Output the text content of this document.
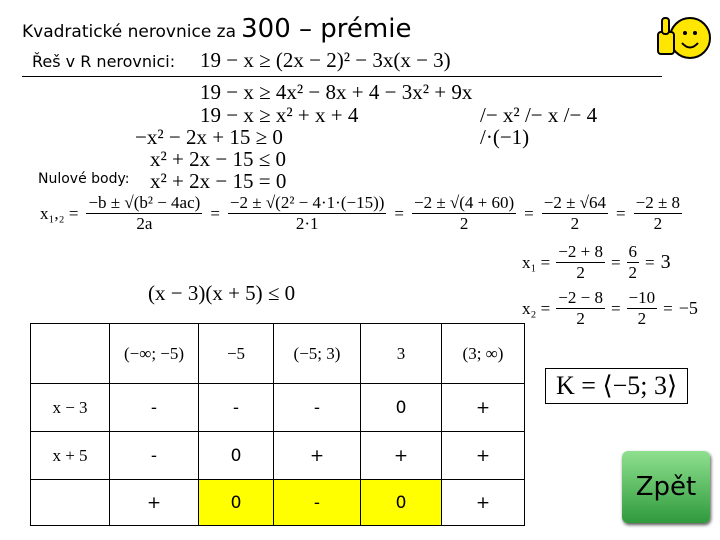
Kvadratické nerovnice za 300 – prémie
Řeš v R nerovnici: 19 − x ≥ (2x − 2)² − 3x(x − 3)
19 − x ≥ 4x² − 8x + 4 − 3x² + 9x
19 − x ≥ x² + x + 4	/− x² /− x /− 4
−x² − 2x + 15 ≥ 0	/·(−1)
x² + 2x − 15 ≤ 0
Nulové body: x² + 2x − 15 = 0
$x_1,_2 = \frac{\text{−b ± √(b² − 4ac)}}{2a} = \frac{\text{−2 ± √(2² − 4·1·(−15))}}{2\cdot 1} = \frac{-2 \pm √(4 + 60)}{2} = \frac{-2 \pm √64}{2} = \frac{-2 \pm 8}{2}$
$x_1 = \frac{-2 + 8}{2} = \frac{6}{2} = 3$
$x_2 = \frac{-2 - 8}{2} = \frac{-10}{2} = -5$
(x − 3)(x + 5) ≤ 0
	(−∞; −5)	−5	(−5; 3)	3	(3; ∞)
x − 3	-	-	-	0	+
x + 5	-	0	+	+	+
	+	0	-	0	+
K = ⟨−5; 3⟩
Zpět
